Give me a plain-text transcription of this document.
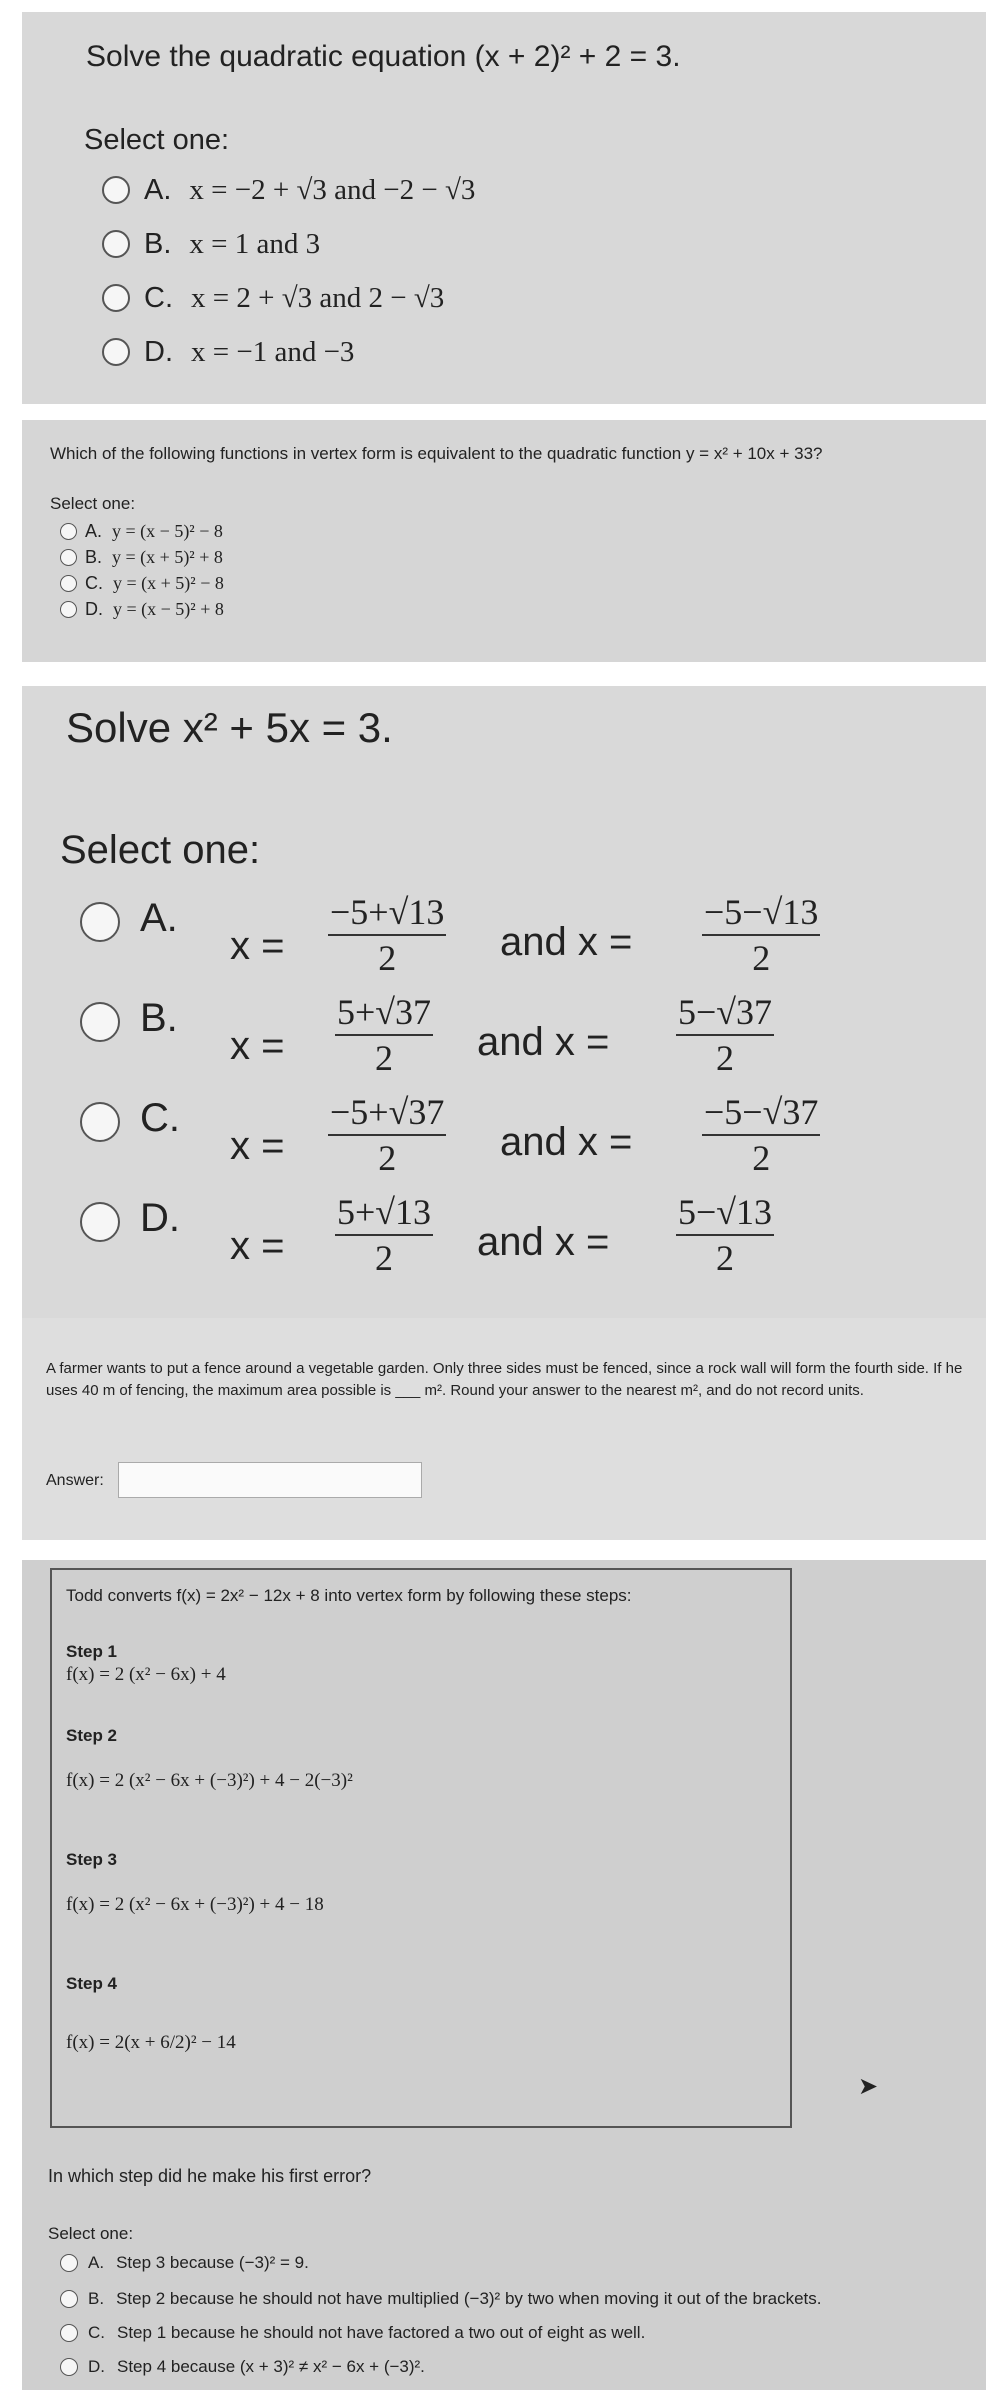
Solve the quadratic equation (x + 2)² + 2 = 3.
Select one:
A. x = −2 + √3 and −2 − √3
B. x = 1 and 3
C. x = 2 + √3 and 2 − √3
D. x = −1 and −3
Which of the following functions in vertex form is equivalent to the quadratic function y = x² + 10x + 33?
Select one:
A. y = (x − 5)² − 8
B. y = (x + 5)² + 8
C. y = (x + 5)² − 8
D. y = (x − 5)² + 8
Solve x² + 5x = 3.
Select one:
A.
x =
−5+√13
2	and x =
−5−√13
2
B.
x =
5+√37
2 and x =
5−√37
2
C.
x =
−5+√37
2	and x =
−5−√37
2
D.
x =
5+√13
2 and x =
5−√13
2
A farmer wants to put a fence around a vegetable garden. Only three sides must be fenced, since a rock wall will form the fourth side. If he uses 40 m of fencing, the maximum area possible is ___ m². Round your answer to the nearest m², and do not record units.
Answer:
Todd converts f(x) = 2x² − 12x + 8 into vertex form by following these steps:
Step 1
f(x) = 2 (x² − 6x) + 4
Step 2
f(x) = 2 (x² − 6x + (−3)²) + 4 − 2(−3)²
Step 3
f(x) = 2 (x² − 6x + (−3)²) + 4 − 18
Step 4
f(x) = 2(x + 6/2)² − 14
➤
In which step did he make his first error?
Select one:
A. Step 3 because (−3)² = 9.
B. Step 2 because he should not have multiplied (−3)² by two when moving it out of the brackets.
C. Step 1 because he should not have factored a two out of eight as well.
D. Step 4 because (x + 3)² ≠ x² − 6x + (−3)².
